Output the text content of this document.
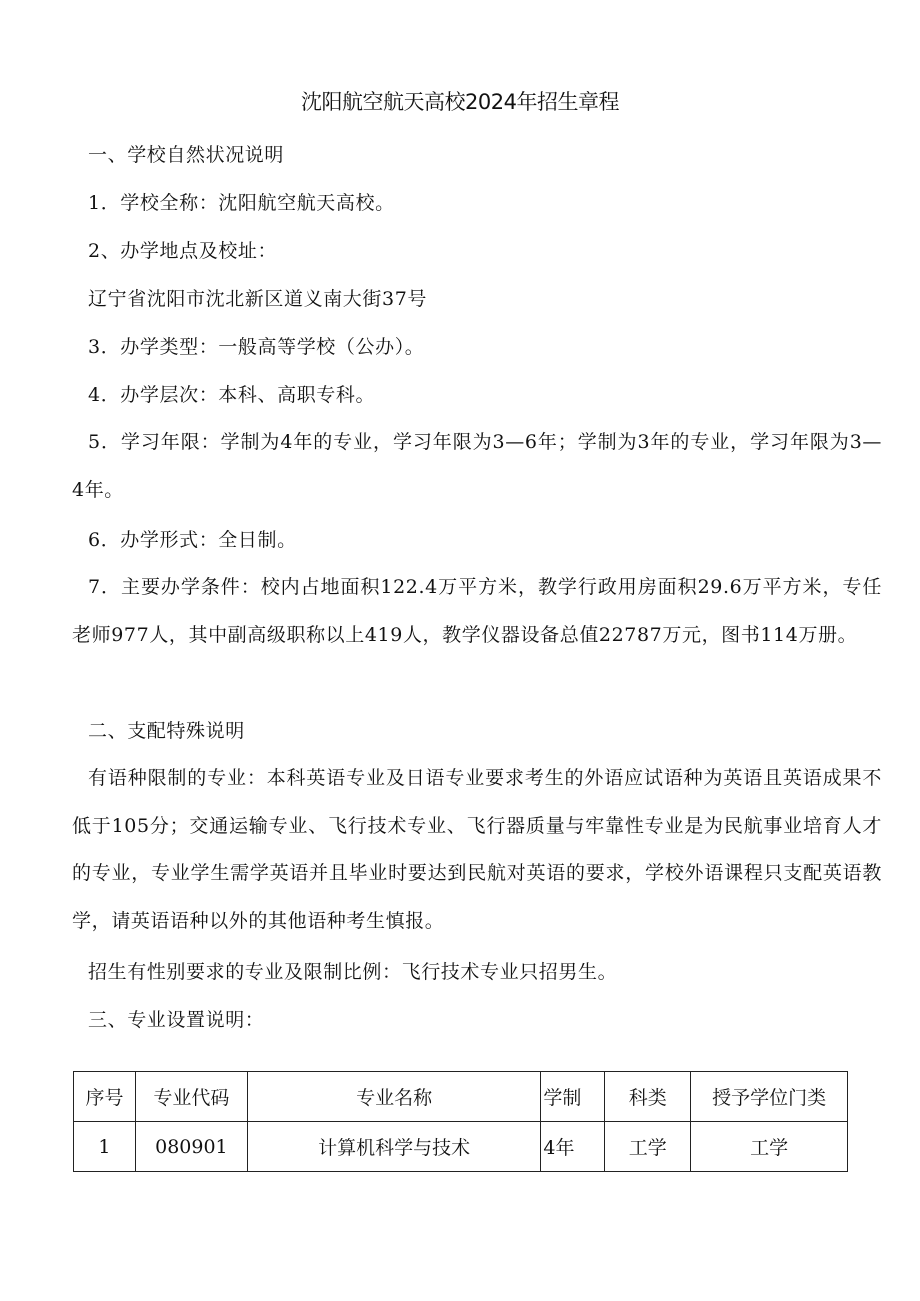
沈阳航空航天高校2024年招生章程
一、学校自然状况说明
1．学校全称：沈阳航空航天高校。
2、办学地点及校址：
辽宁省沈阳市沈北新区道义南大街37号
3．办学类型：一般高等学校（公办）。
4．办学层次：本科、高职专科。
5．学习年限：学制为4年的专业，学习年限为3—6年；学制为3年的专业，学习年限为3—4年。
6．办学形式：全日制。
7．主要办学条件：校内占地面积122.4万平方米，教学行政用房面积29.6万平方米，专任老师977人，其中副高级职称以上419人，教学仪器设备总值22787万元，图书114万册。
二、支配特殊说明
有语种限制的专业：本科英语专业及日语专业要求考生的外语应试语种为英语且英语成果不低于105分；交通运输专业、飞行技术专业、飞行器质量与牢靠性专业是为民航事业培育人才的专业，专业学生需学英语并且毕业时要达到民航对英语的要求，学校外语课程只支配英语教学，请英语语种以外的其他语种考生慎报。
招生有性别要求的专业及限制比例：飞行技术专业只招男生。
三、专业设置说明：
序号	专业代码	专业名称	学制	科类	授予学位门类
1	080901	计算机科学与技术	4年	工学	工学
